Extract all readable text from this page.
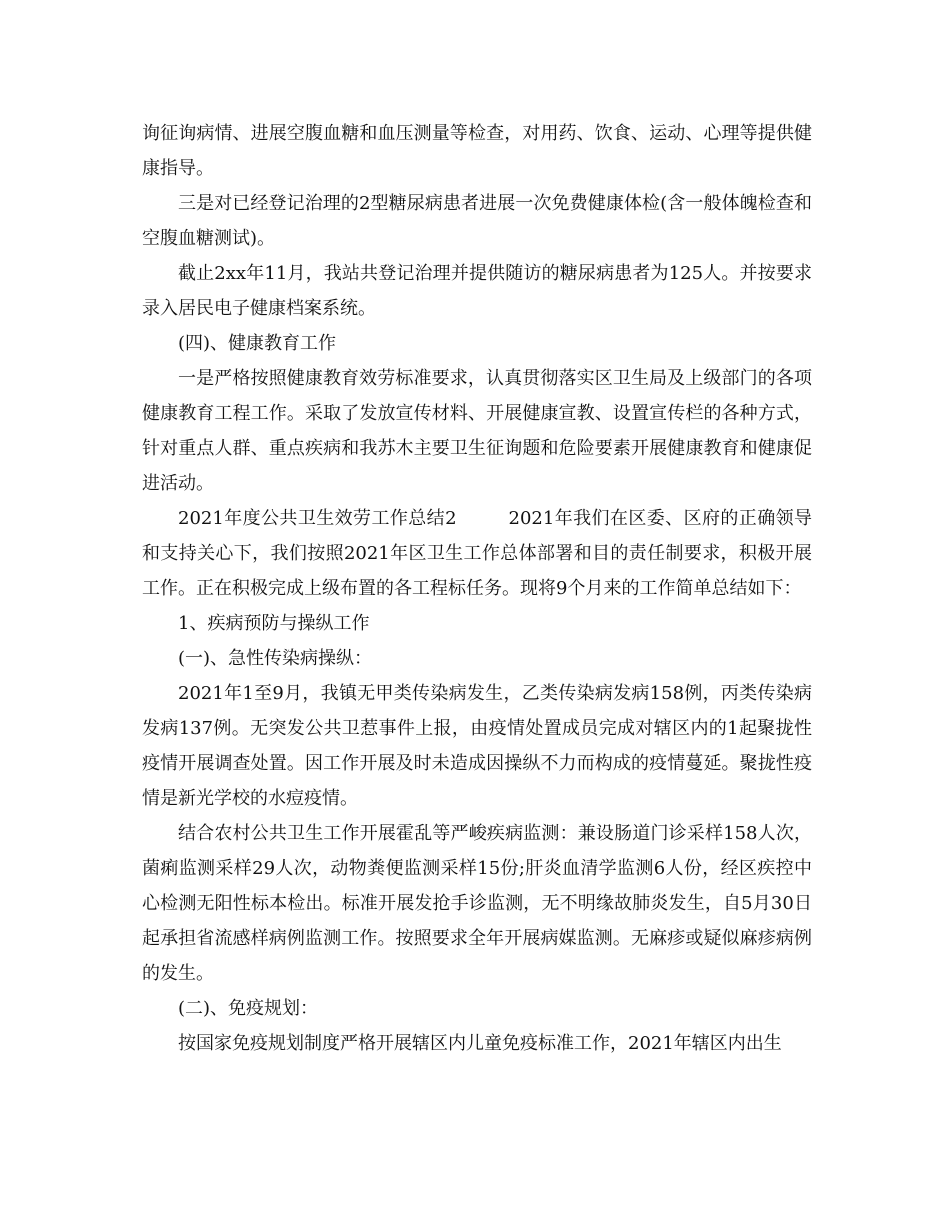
询征询病情、进展空腹血糖和血压测量等检查，对用药、饮食、运动、心理等提供健康指导。

三是对已经登记治理的2型糖尿病患者进展一次免费健康体检(含一般体魄检查和空腹血糖测试)。

截止2xx年11月，我站共登记治理并提供随访的糖尿病患者为125人。并按要求录入居民电子健康档案系统。

(四)、健康教育工作

一是严格按照健康教育效劳标准要求，认真贯彻落实区卫生局及上级部门的各项健康教育工程工作。采取了发放宣传材料、开展健康宣教、设置宣传栏的各种方式，针对重点人群、重点疾病和我苏木主要卫生征询题和危险要素开展健康教育和健康促进活动。

2021年度公共卫生效劳工作总结2	2021年我们在区委、区府的正确领导和支持关心下，我们按照2021年区卫生工作总体部署和目的责任制要求，积极开展工作。正在积极完成上级布置的各工程标任务。现将9个月来的工作简单总结如下：

1、疾病预防与操纵工作

(一)、急性传染病操纵：

2021年1至9月，我镇无甲类传染病发生，乙类传染病发病158例，丙类传染病发病137例。无突发公共卫惹事件上报，由疫情处置成员完成对辖区内的1起聚拢性疫情开展调查处置。因工作开展及时未造成因操纵不力而构成的疫情蔓延。聚拢性疫情是新光学校的水痘疫情。

结合农村公共卫生工作开展霍乱等严峻疾病监测：兼设肠道门诊采样158人次，菌痢监测采样29人次，动物粪便监测采样15份;肝炎血清学监测6人份，经区疾控中心检测无阳性标本检出。标准开展发抢手诊监测，无不明缘故肺炎发生，自5月30日起承担省流感样病例监测工作。按照要求全年开展病媒监测。无麻疹或疑似麻疹病例的发生。

(二)、免疫规划：

按国家免疫规划制度严格开展辖区内儿童免疫标准工作，2021年辖区内出生
